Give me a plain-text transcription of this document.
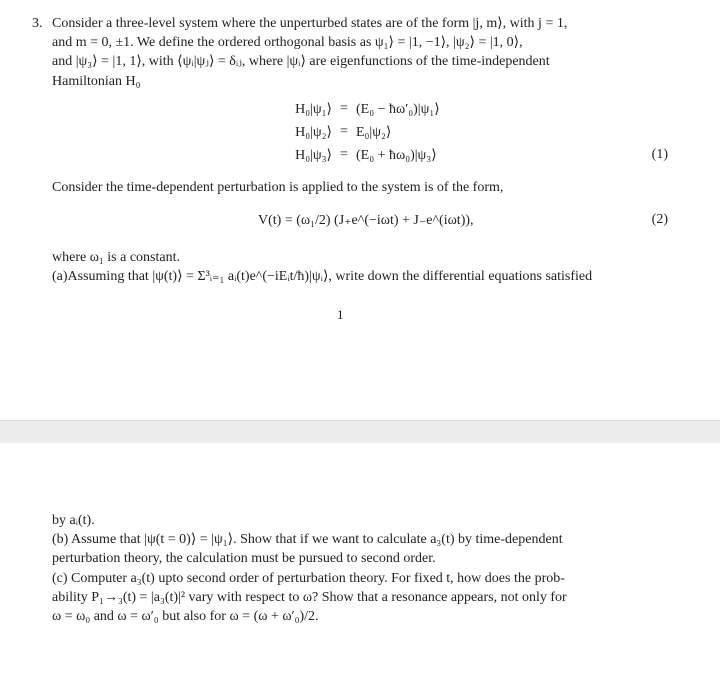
3. Consider a three-level system where the unperturbed states are of the form |j, m⟩, with j = 1,
and m = 0, ±1. We define the ordered orthogonal basis as ψ₁⟩ = |1, −1⟩, |ψ₂⟩ = |1, 0⟩,
and |ψ₃⟩ = |1, 1⟩, with ⟨ψᵢ|ψⱼ⟩ = δᵢⱼ, where |ψᵢ⟩ are eigenfunctions of the time-independent
Hamiltonian H₀
H₀|ψ₁⟩ = (E₀ − ħω′₀)|ψ₁⟩
H₀|ψ₂⟩ = E₀|ψ₂⟩
H₀|ψ₃⟩ = (E₀ + ħω₀)|ψ₃⟩	(1)
Consider the time-dependent perturbation is applied to the system is of the form,
V(t) = (ω₁/2) (J₊e^(−iωt) + J₋e^(iωt)),	(2)
where ω₁ is a constant.
(a)Assuming that |ψ(t)⟩ = Σ³ᵢ₌₁ aᵢ(t)e^(−iEᵢt/ħ)|ψᵢ⟩, write down the differential equations satisfied
1
by aᵢ(t).
(b) Assume that |ψ(t = 0)⟩ = |ψ₁⟩. Show that if we want to calculate a₃(t) by time-dependent
perturbation theory, the calculation must be pursued to second order.
(c) Computer a₃(t) upto second order of perturbation theory. For fixed t, how does the prob-
ability P₁→₃(t) = |a₃(t)|² vary with respect to ω? Show that a resonance appears, not only for
ω = ω₀ and ω = ω′₀ but also for ω = (ω + ω′₀)/2.
